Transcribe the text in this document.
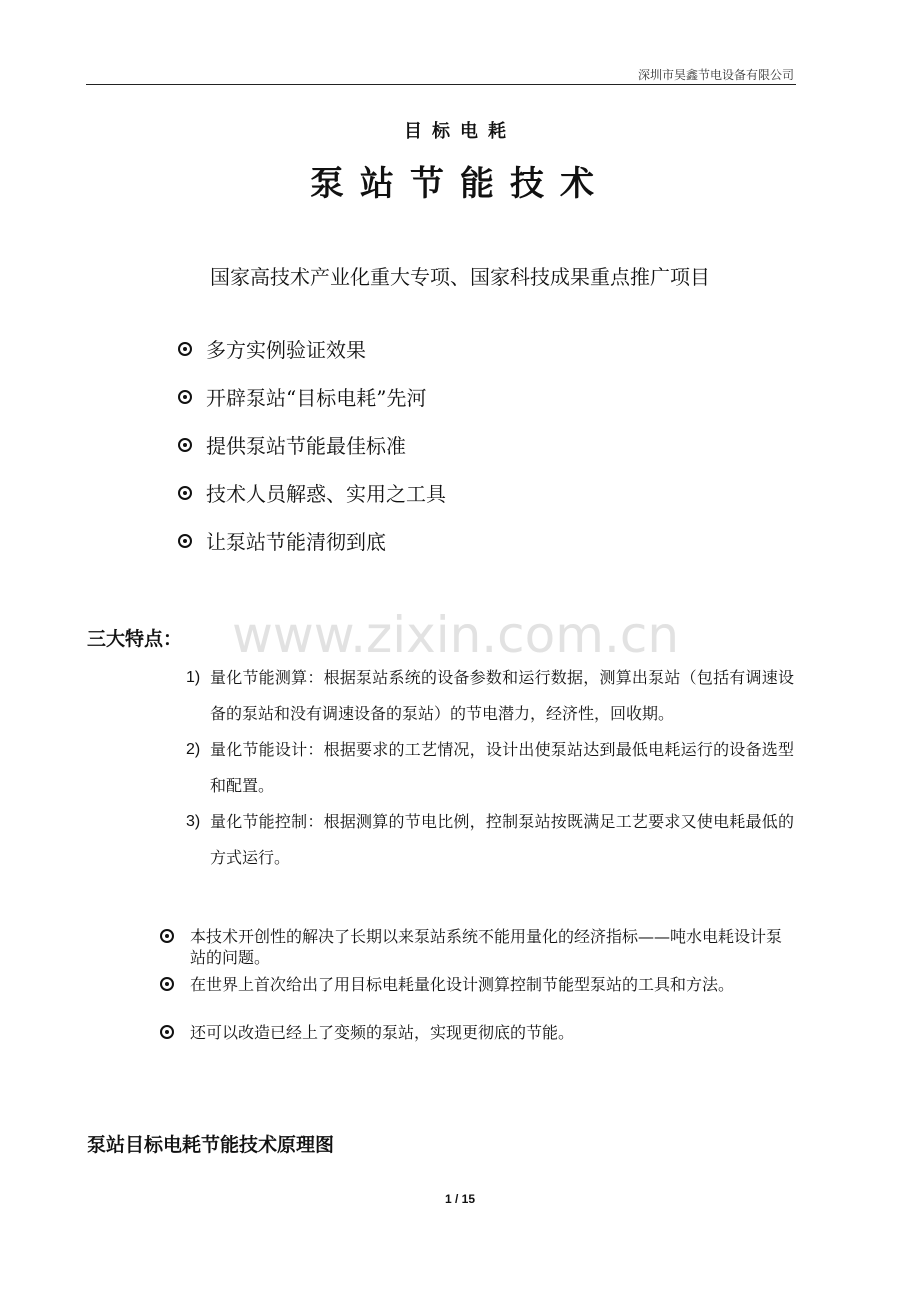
深圳市昊鑫节电设备有限公司
目标电耗
泵站节能技术
国家高技术产业化重大专项、国家科技成果重点推广项目
多方实例验证效果
开辟泵站“目标电耗”先河
提供泵站节能最佳标准
技术人员解惑、实用之工具
让泵站节能清彻到底
www.zixin.com.cn
三大特点：
1) 量化节能测算：根据泵站系统的设备参数和运行数据，测算出泵站（包括有调速设备的泵站和没有调速设备的泵站）的节电潜力，经济性，回收期。
2) 量化节能设计：根据要求的工艺情况，设计出使泵站达到最低电耗运行的设备选型和配置。
3) 量化节能控制：根据测算的节电比例，控制泵站按既满足工艺要求又使电耗最低的方式运行。
本技术开创性的解决了长期以来泵站系统不能用量化的经济指标——吨水电耗设计泵站的问题。
在世界上首次给出了用目标电耗量化设计测算控制节能型泵站的工具和方法。
还可以改造已经上了变频的泵站，实现更彻底的节能。
泵站目标电耗节能技术原理图
1 / 15
